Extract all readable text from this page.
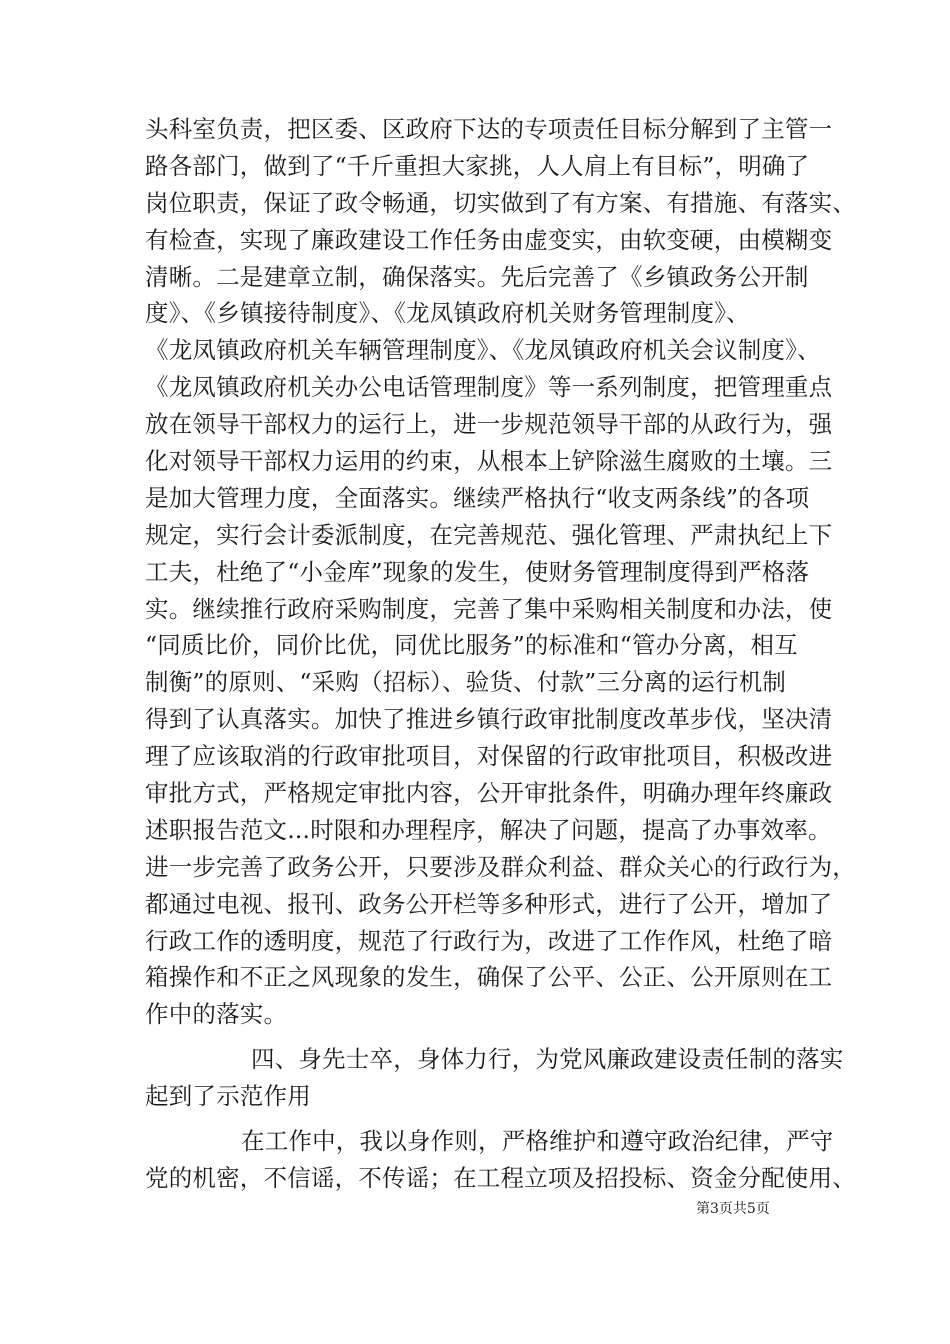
头科室负责，把区委、区政府下达的专项责任目标分解到了主管一
路各部门，做到了“千斤重担大家挑，人人肩上有目标”，明确了
岗位职责，保证了政令畅通，切实做到了有方案、有措施、有落实、
有检查，实现了廉政建设工作任务由虚变实，由软变硬，由模糊变
清晰。二是建章立制，确保落实。先后完善了《乡镇政务公开制
度》、《乡镇接待制度》、《龙凤镇政府机关财务管理制度》、
《龙凤镇政府机关车辆管理制度》、《龙凤镇政府机关会议制度》、
《龙凤镇政府机关办公电话管理制度》等一系列制度，把管理重点
放在领导干部权力的运行上，进一步规范领导干部的从政行为，强
化对领导干部权力运用的约束，从根本上铲除滋生腐败的土壤。三
是加大管理力度，全面落实。继续严格执行“收支两条线”的各项
规定，实行会计委派制度，在完善规范、强化管理、严肃执纪上下
工夫，杜绝了“小金库”现象的发生，使财务管理制度得到严格落
实。继续推行政府采购制度，完善了集中采购相关制度和办法，使
“同质比价，同价比优，同优比服务”的标准和“管办分离，相互
制衡”的原则、“采购（招标）、验货、付款”三分离的运行机制
得到了认真落实。加快了推进乡镇行政审批制度改革步伐，坚决清
理了应该取消的行政审批项目，对保留的行政审批项目，积极改进
审批方式，严格规定审批内容，公开审批条件，明确办理年终廉政
述职报告范文...时限和办理程序，解决了问题，提高了办事效率。
进一步完善了政务公开，只要涉及群众利益、群众关心的行政行为，
都通过电视、报刊、政务公开栏等多种形式，进行了公开，增加了
行政工作的透明度，规范了行政行为，改进了工作作风，杜绝了暗
箱操作和不正之风现象的发生，确保了公平、公正、公开原则在工
作中的落实。
四、身先士卒，身体力行，为党风廉政建设责任制的落实
起到了示范作用
在工作中，我以身作则，严格维护和遵守政治纪律，严守
党的机密，不信谣，不传谣；在工程立项及招投标、资金分配使用、
第3页共5页
